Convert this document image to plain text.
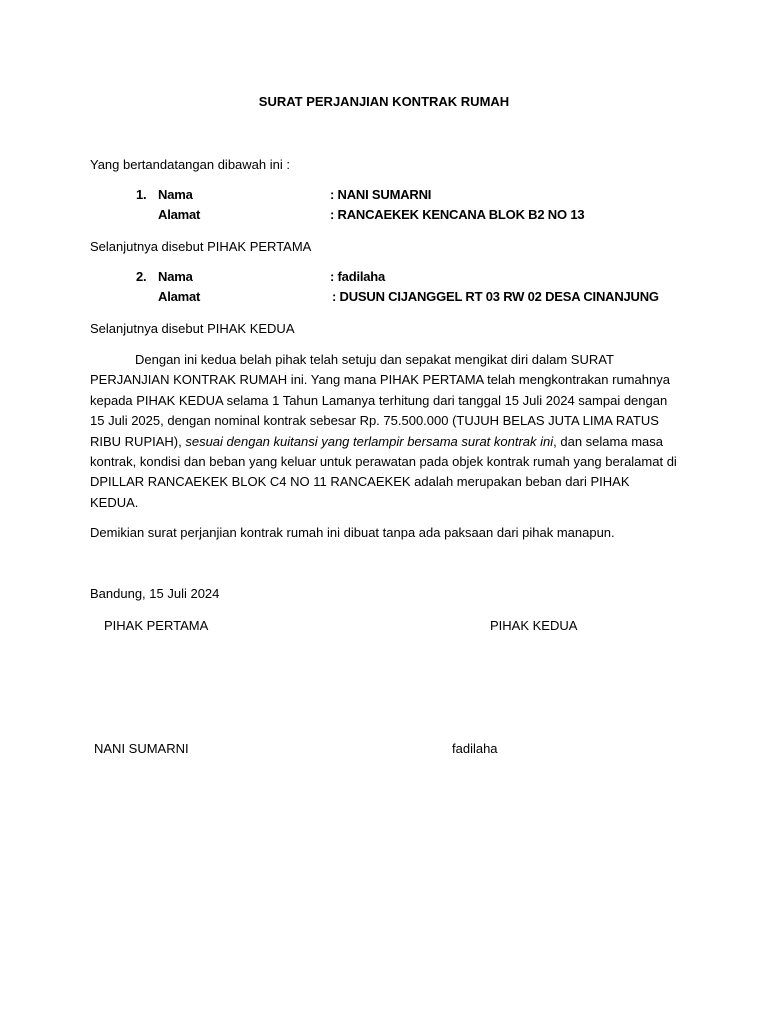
SURAT PERJANJIAN KONTRAK RUMAH
Yang bertandatangan dibawah ini :
1. Nama	: NANI SUMARNI
Alamat	: RANCAEKEK KENCANA BLOK B2 NO 13
Selanjutnya disebut PIHAK PERTAMA
2. Nama	: fadilaha
Alamat	: DUSUN CIJANGGEL RT 03 RW 02 DESA CINANJUNG
Selanjutnya disebut PIHAK KEDUA
Dengan ini kedua belah pihak telah setuju dan sepakat mengikat diri dalam SURAT PERJANJIAN KONTRAK RUMAH ini. Yang mana PIHAK PERTAMA telah mengkontrakan rumahnya kepada PIHAK KEDUA selama 1 Tahun Lamanya terhitung dari tanggal 15 Juli 2024 sampai dengan 15 Juli 2025, dengan nominal kontrak sebesar Rp. 75.500.000 (TUJUH BELAS JUTA LIMA RATUS RIBU RUPIAH), sesuai dengan kuitansi yang terlampir bersama surat kontrak ini, dan selama masa kontrak, kondisi dan beban yang keluar untuk perawatan pada objek kontrak rumah yang beralamat di DPILLAR RANCAEKEK BLOK C4 NO 11 RANCAEKEK adalah merupakan beban dari PIHAK KEDUA.
Demikian surat perjanjian kontrak rumah ini dibuat tanpa ada paksaan dari pihak manapun.
Bandung, 15 Juli 2024
PIHAK PERTAMA	PIHAK KEDUA
NANI SUMARNI	fadilaha
